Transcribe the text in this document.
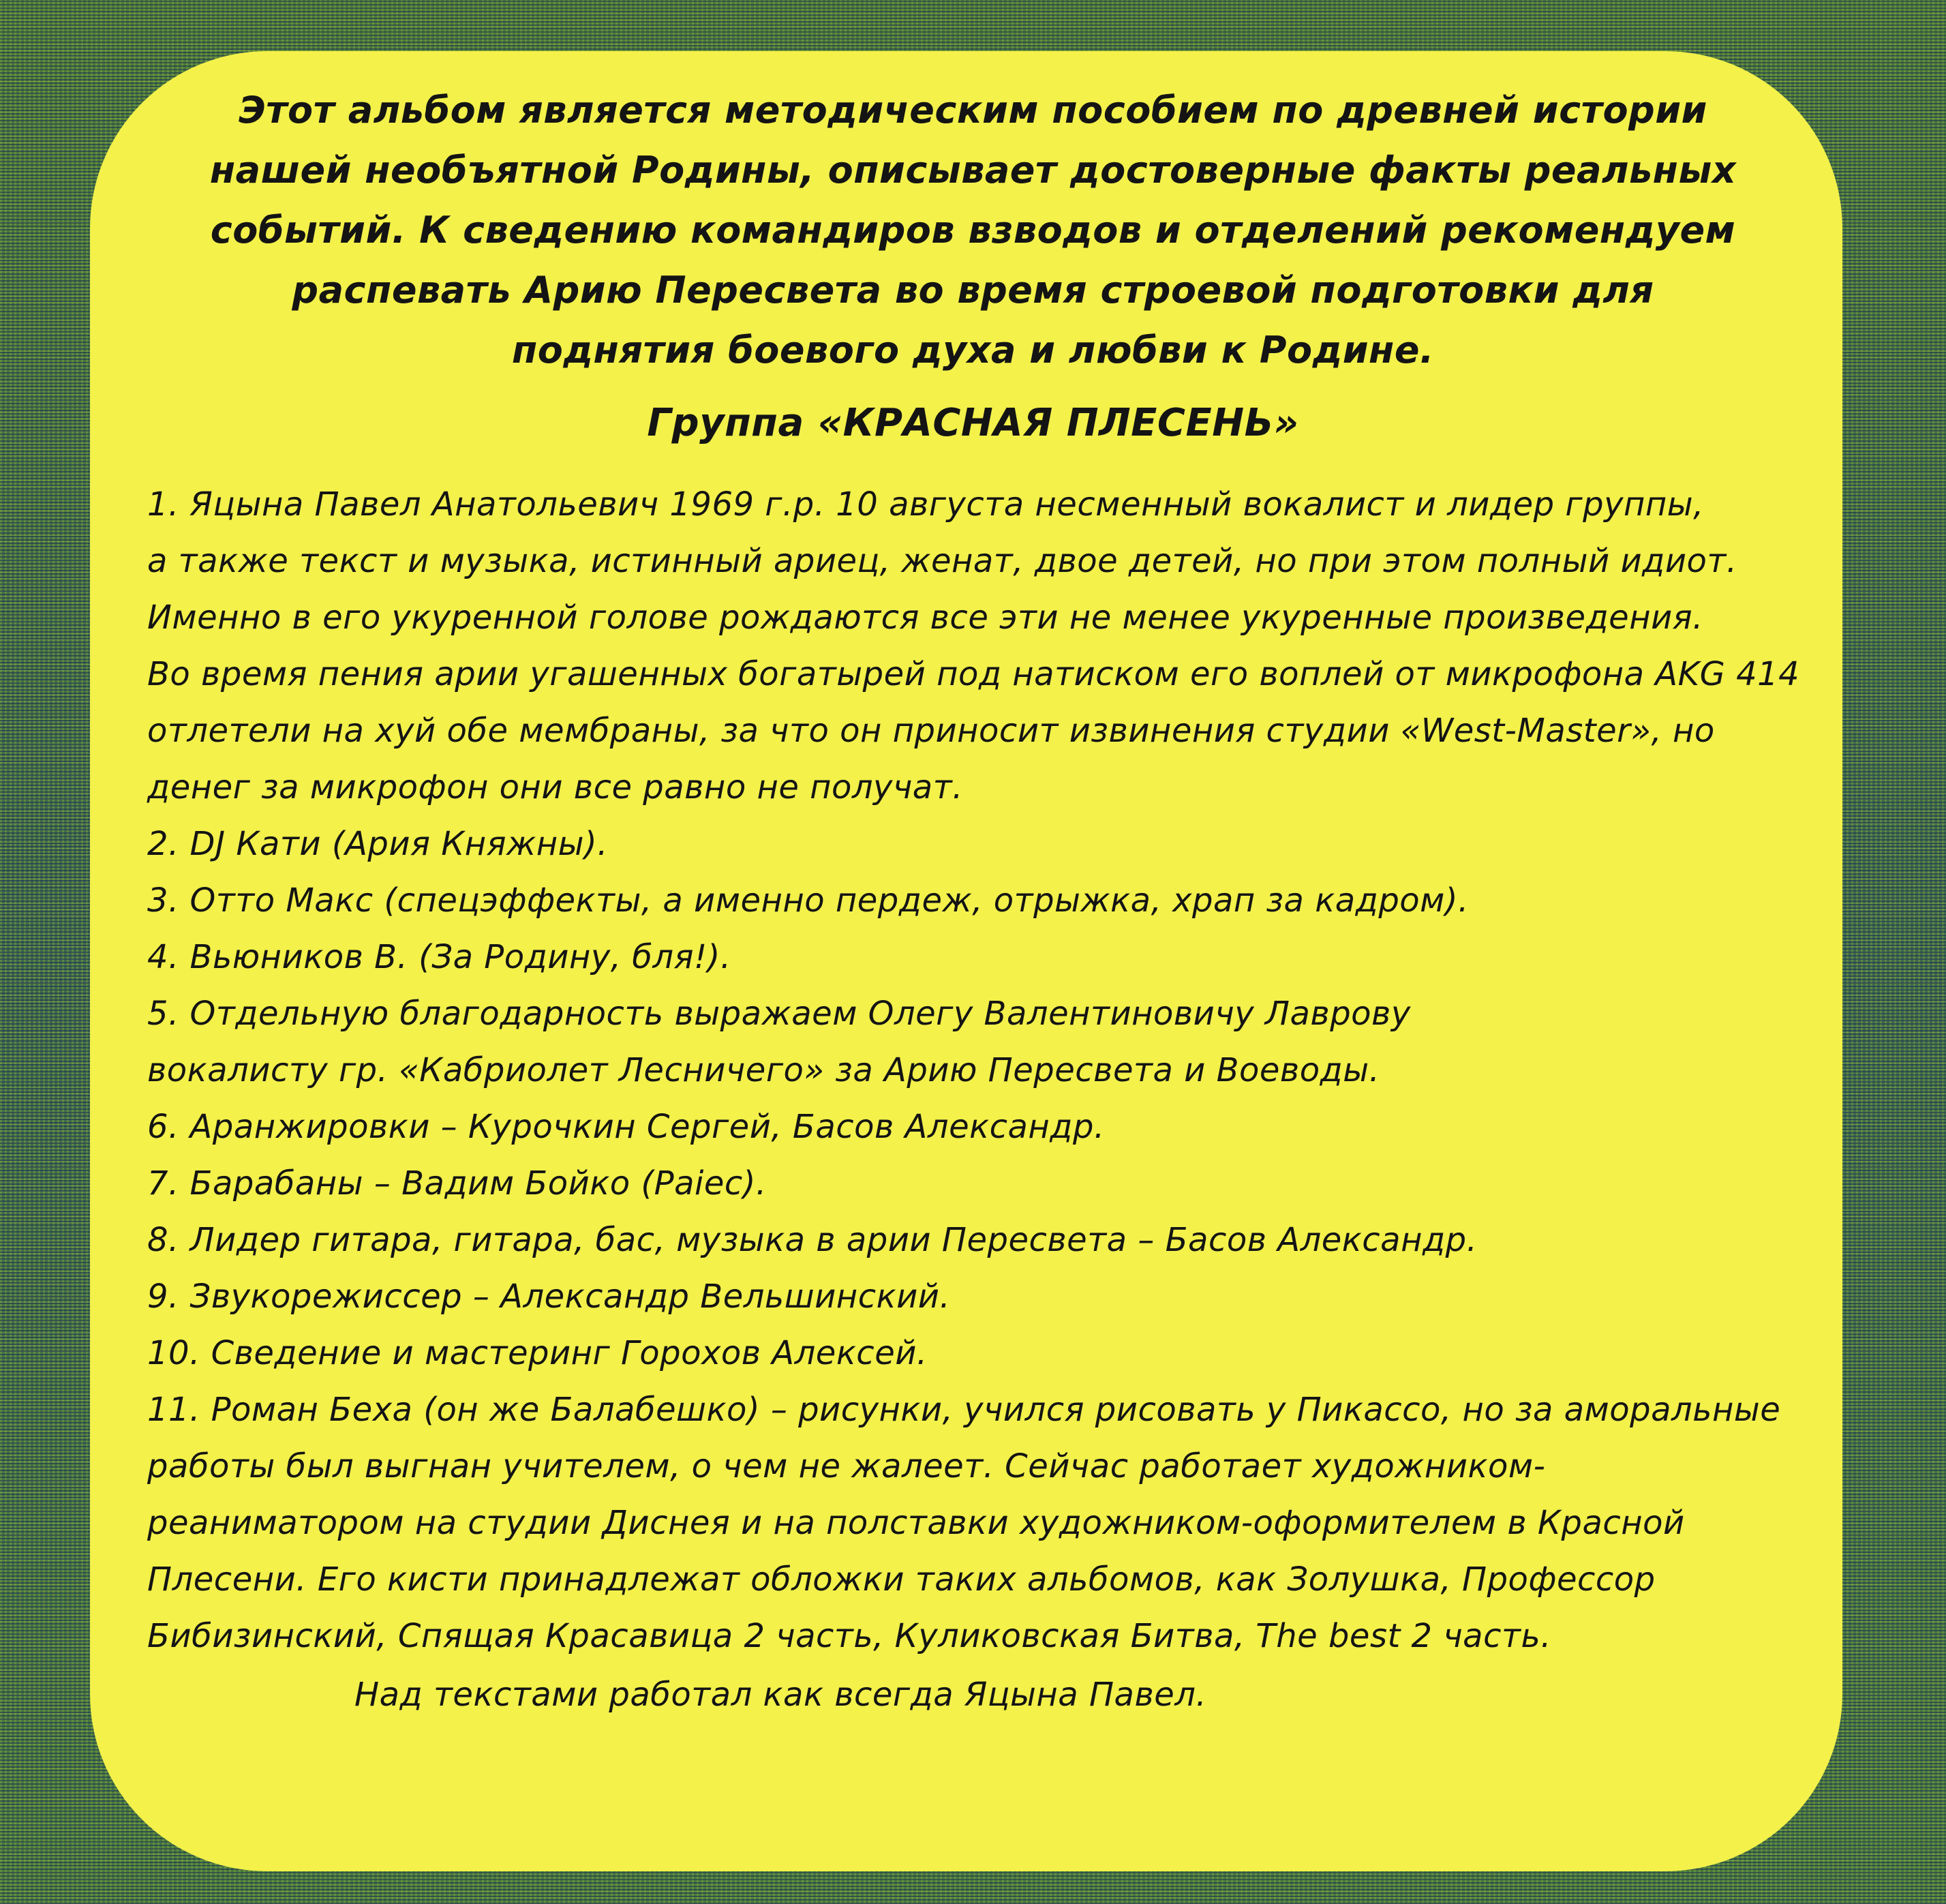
Этот альбом является методическим пособием по древней истории
нашей необъятной Родины, описывает достоверные факты реальных
событий. К сведению командиров взводов и отделений рекомендуем
распевать Арию Пересвета во время строевой подготовки для
поднятия боевого духа и любви к Родине.
Группа «КРАСНАЯ ПЛЕСЕНЬ»
1. Яцына Павел Анатольевич 1969 г.р. 10 августа несменный вокалист и лидер группы,
а также текст и музыка, истинный ариец, женат, двое детей, но при этом полный идиот.
Именно в его укуренной голове рождаются все эти не менее укуренные произведения.
Во время пения арии угашенных богатырей под натиском его воплей от микрофона AKG 414
отлетели на хуй обе мембраны, за что он приносит извинения студии «West-Master», но
денег за микрофон они все равно не получат.
2. DJ Кати (Ария Княжны).
3. Отто Макс (спецэффекты, а именно пердеж, отрыжка, храп за кадром).
4. Вьюников В. (За Родину, бля!).
5. Отдельную благодарность выражаем Олегу Валентиновичу Лаврову
вокалисту гр. «Кабриолет Лесничего» за Арию Пересвета и Воеводы.
6. Аранжировки – Курочкин Сергей, Басов Александр.
7. Барабаны – Вадим Бойко (Раіес).
8. Лидер гитара, гитара, бас, музыка в арии Пересвета – Басов Александр.
9. Звукорежиссер – Александр Вельшинский.
10. Сведение и мастеринг Горохов Алексей.
11. Роман Беха (он же Балабешко) – рисунки, учился рисовать у Пикассо, но за аморальные
работы был выгнан учителем, о чем не жалеет. Сейчас работает художником-
реаниматором на студии Диснея и на полставки художником-оформителем в Красной
Плесени. Его кисти принадлежат обложки таких альбомов, как Золушка, Профессор
Бибизинский, Спящая Красавица 2 часть, Куликовская Битва, The best 2 часть.
Над текстами работал как всегда Яцына Павел.
